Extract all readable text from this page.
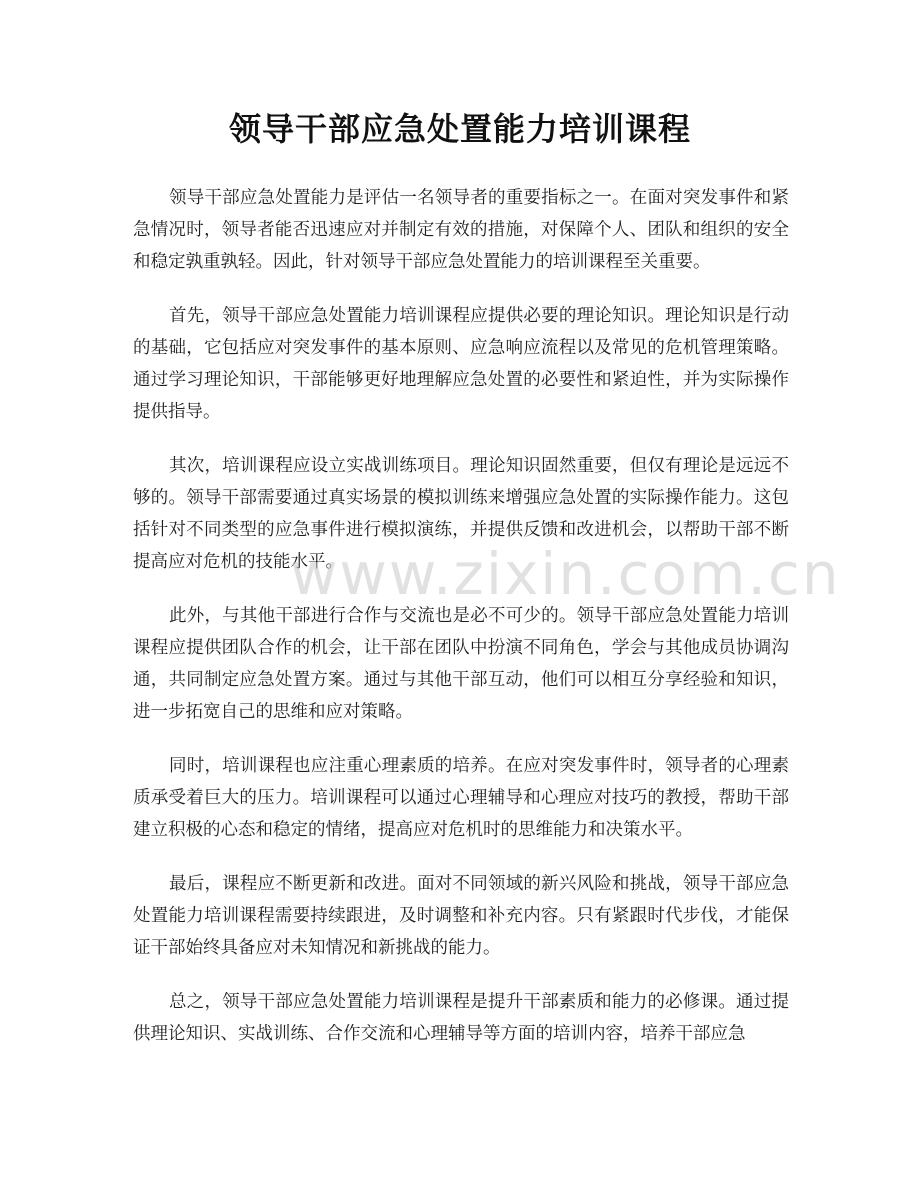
领导干部应急处置能力培训课程

领导干部应急处置能力是评估一名领导者的重要指标之一。在面对突发事件和紧急情况时，领导者能否迅速应对并制定有效的措施，对保障个人、团队和组织的安全和稳定孰重孰轻。因此，针对领导干部应急处置能力的培训课程至关重要。

首先，领导干部应急处置能力培训课程应提供必要的理论知识。理论知识是行动的基础，它包括应对突发事件的基本原则、应急响应流程以及常见的危机管理策略。通过学习理论知识，干部能够更好地理解应急处置的必要性和紧迫性，并为实际操作提供指导。

其次，培训课程应设立实战训练项目。理论知识固然重要，但仅有理论是远远不够的。领导干部需要通过真实场景的模拟训练来增强应急处置的实际操作能力。这包括针对不同类型的应急事件进行模拟演练，并提供反馈和改进机会，以帮助干部不断提高应对危机的技能水平。

此外，与其他干部进行合作与交流也是必不可少的。领导干部应急处置能力培训课程应提供团队合作的机会，让干部在团队中扮演不同角色，学会与其他成员协调沟通，共同制定应急处置方案。通过与其他干部互动，他们可以相互分享经验和知识，进一步拓宽自己的思维和应对策略。

同时，培训课程也应注重心理素质的培养。在应对突发事件时，领导者的心理素质承受着巨大的压力。培训课程可以通过心理辅导和心理应对技巧的教授，帮助干部建立积极的心态和稳定的情绪，提高应对危机时的思维能力和决策水平。

最后，课程应不断更新和改进。面对不同领域的新兴风险和挑战，领导干部应急处置能力培训课程需要持续跟进，及时调整和补充内容。只有紧跟时代步伐，才能保证干部始终具备应对未知情况和新挑战的能力。

总之，领导干部应急处置能力培训课程是提升干部素质和能力的必修课。通过提供理论知识、实战训练、合作交流和心理辅导等方面的培训内容，培养干部应急

www.zixin.com.cn
